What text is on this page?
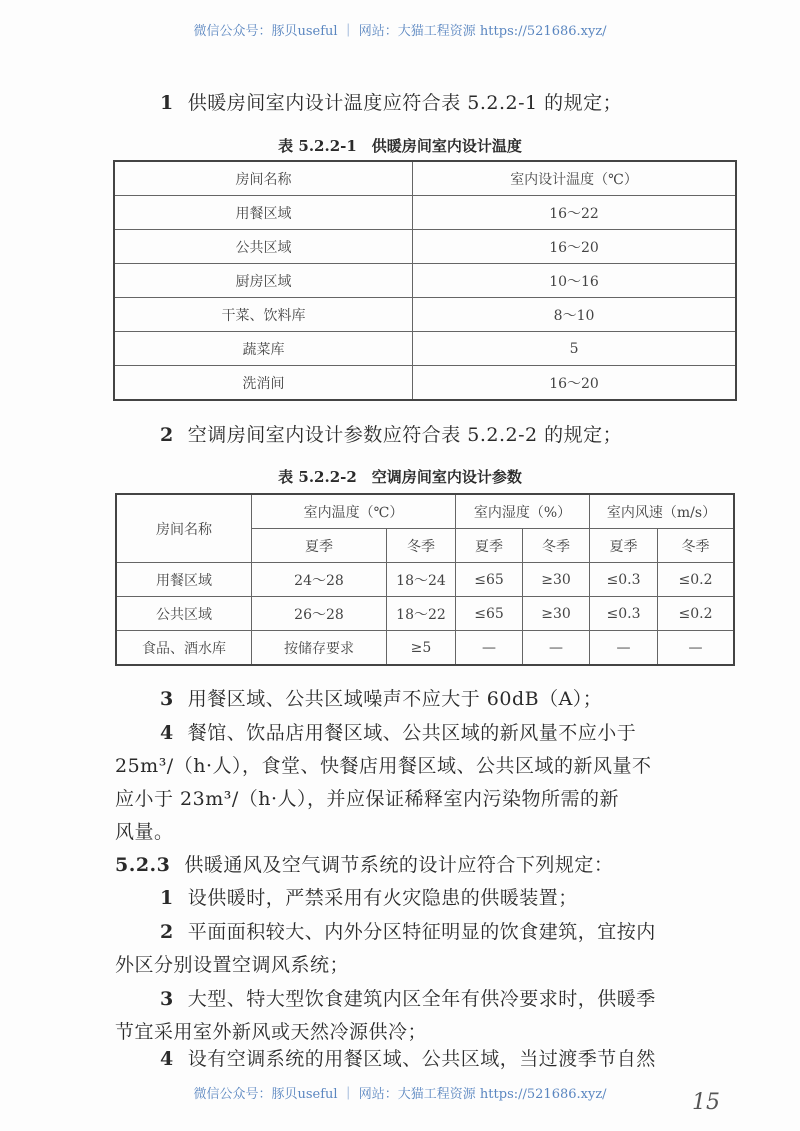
微信公众号：豚贝useful ｜ 网站：大猫工程资源 https://521686.xyz/
1 供暖房间室内设计温度应符合表 5.2.2-1 的规定；
2 空调房间室内设计参数应符合表 5.2.2-2 的规定；
3 用餐区域、公共区域噪声不应大于 60dB（A）；
4 餐馆、饮品店用餐区域、公共区域的新风量不应小于
25m³/（h·人），食堂、快餐店用餐区域、公共区域的新风量不
应小于 23m³/（h·人），并应保证稀释室内污染物所需的新
风量。
5.2.3 供暖通风及空气调节系统的设计应符合下列规定：
1 设供暖时，严禁采用有火灾隐患的供暖装置；
2 平面面积较大、内外分区特征明显的饮食建筑，宜按内
外区分别设置空调风系统；
3 大型、特大型饮食建筑内区全年有供冷要求时，供暖季
节宜采用室外新风或天然冷源供冷；
4 设有空调系统的用餐区域、公共区域，当过渡季节自然
表 5.2.2-1　供暖房间室内设计温度
房间名称	室内设计温度（℃）
用餐区域	16～22
公共区域	16～20
厨房区域	10～16
干菜、饮料库	8～10
蔬菜库	5
洗消间	16～20
表 5.2.2-2　空调房间室内设计参数
房间名称	室内温度（℃）		室内湿度（%）		室内风速（m/s）	
	夏季	冬季	夏季	冬季	夏季	冬季
用餐区域	24～28	18～24	≤65	≥30	≤0.3	≤0.2
公共区域	26～28	18～22	≤65	≥30	≤0.3	≤0.2
食品、酒水库	按储存要求	≥5	—	—	—	—
微信公众号：豚贝useful ｜ 网站：大猫工程资源 https://521686.xyz/	15
